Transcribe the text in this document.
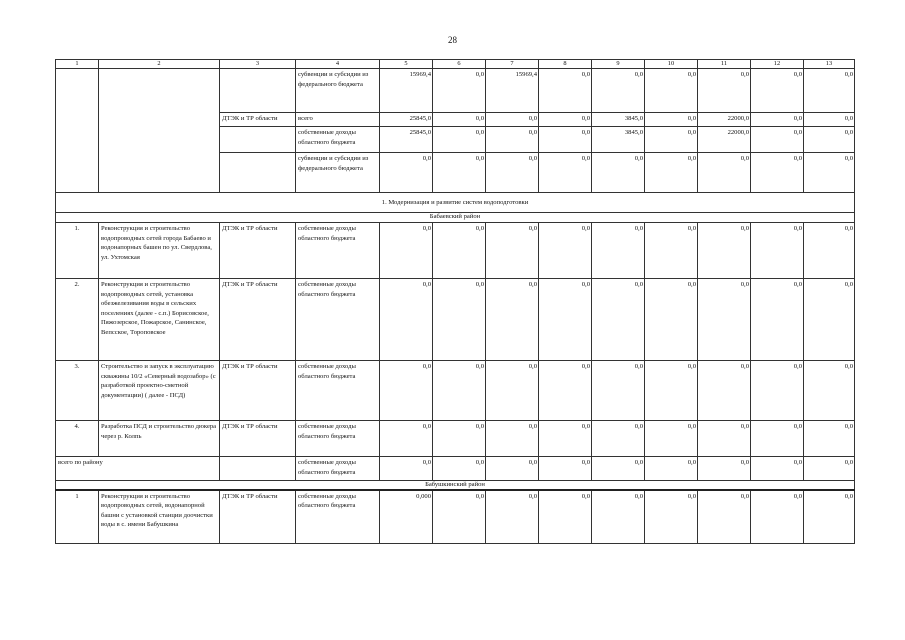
28
1	2	3	4	5	6	7	8	9	10	11	12	13
			субвенции и субсидии из федерального бюджета	15969,4	0,0	15969,4	0,0	0,0	0,0	0,0	0,0	0,0
		ДТЭК и ТР области	всего	25845,0	0,0	0,0	0,0	3845,0	0,0	22000,0	0,0	0,0
			собственные доходы областного бюджета	25845,0	0,0	0,0	0,0	3845,0	0,0	22000,0	0,0	0,0
			субвенции и субсидии из федерального бюджета	0,0	0,0	0,0	0,0	0,0	0,0	0,0	0,0	0,0
1. Модернизация и развитие систем водоподготовки												
Бабаевский район												
1.	Реконструкция и строительство водопроводных сетей города Бабаево и водонапорных башен по ул. Свердлова, ул. Ухтомская	ДТЭК и ТР области	собственные доходы областного бюджета	0,0	0,0	0,0	0,0	0,0	0,0	0,0	0,0	0,0
2.	Реконструкция и строительство водопроводных сетей, установка обезжелезивания воды в сельских поселениях (далее - с.п.) Борисовское, Пяжозерское, Пожарское, Санинское, Вепсское, Тороповское	ДТЭК и ТР области	собственные доходы областного бюджета	0,0	0,0	0,0	0,0	0,0	0,0	0,0	0,0	0,0
3.	Строительство и запуск в эксплуатацию скважины 10/2 «Северный водозабор» (с разработкой проектно-сметной документации) ( далее - ПСД)	ДТЭК и ТР области	собственные доходы областного бюджета	0,0	0,0	0,0	0,0	0,0	0,0	0,0	0,0	0,0
4.	Разработка ПСД и строительство дюкера через р. Колпь	ДТЭК и ТР области	собственные доходы областного бюджета	0,0	0,0	0,0	0,0	0,0	0,0	0,0	0,0	0,0
всего по району			собственные доходы областного бюджета	0,0	0,0	0,0	0,0	0,0	0,0	0,0	0,0	0,0
Бабушкинский район												
1	Реконструкция и строительство водопроводных сетей, водонапорной башни с установкой станции доочистки воды в с. имени Бабушкина	ДТЭК и ТР области	собственные доходы областного бюджета	0,000	0,0	0,0	0,0	0,0	0,0	0,0	0,0	0,0
